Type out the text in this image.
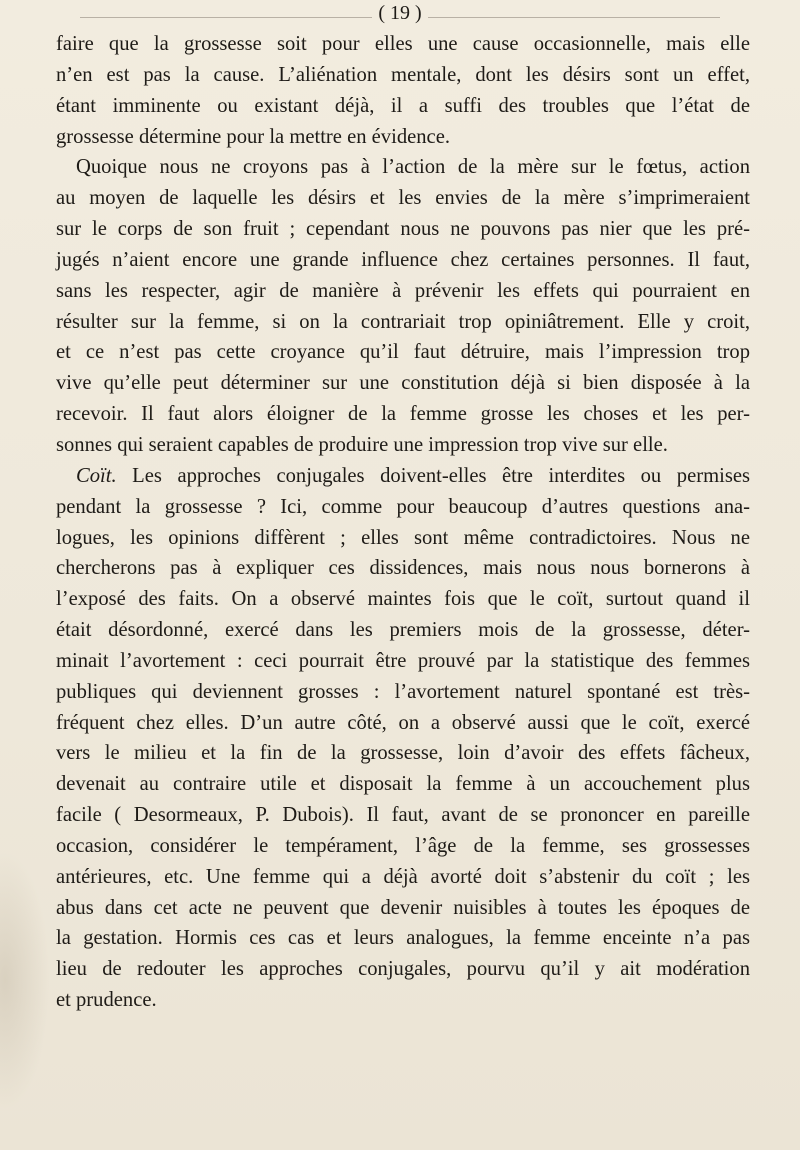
( 19 )
faire que la grossesse soit pour elles une cause occasionnelle, mais elle
n’en est pas la cause. L’aliénation mentale, dont les désirs sont un effet,
étant imminente ou existant déjà, il a suffi des troubles que l’état de
grossesse détermine pour la mettre en évidence.
Quoique nous ne croyons pas à l’action de la mère sur le fœtus, action
au moyen de laquelle les désirs et les envies de la mère s’imprimeraient
sur le corps de son fruit ; cependant nous ne pouvons pas nier que les pré-
jugés n’aient encore une grande influence chez certaines personnes. Il faut,
sans les respecter, agir de manière à prévenir les effets qui pourraient en
résulter sur la femme, si on la contrariait trop opiniâtrement. Elle y croit,
et ce n’est pas cette croyance qu’il faut détruire, mais l’impression trop
vive qu’elle peut déterminer sur une constitution déjà si bien disposée à la
recevoir. Il faut alors éloigner de la femme grosse les choses et les per-
sonnes qui seraient capables de produire une impression trop vive sur elle.
Coït. Les approches conjugales doivent-elles être interdites ou permises
pendant la grossesse ? Ici, comme pour beaucoup d’autres questions ana-
logues, les opinions diffèrent ; elles sont même contradictoires. Nous ne
chercherons pas à expliquer ces dissidences, mais nous nous bornerons à
l’exposé des faits. On a observé maintes fois que le coït, surtout quand il
était désordonné, exercé dans les premiers mois de la grossesse, déter-
minait l’avortement : ceci pourrait être prouvé par la statistique des femmes
publiques qui deviennent grosses : l’avortement naturel spontané est très-
fréquent chez elles. D’un autre côté, on a observé aussi que le coït, exercé
vers le milieu et la fin de la grossesse, loin d’avoir des effets fâcheux,
devenait au contraire utile et disposait la femme à un accouchement plus
facile ( Desormeaux, P. Dubois). Il faut, avant de se prononcer en pareille
occasion, considérer le tempérament, l’âge de la femme, ses grossesses
antérieures, etc. Une femme qui a déjà avorté doit s’abstenir du coït ; les
abus dans cet acte ne peuvent que devenir nuisibles à toutes les époques de
la gestation. Hormis ces cas et leurs analogues, la femme enceinte n’a pas
lieu de redouter les approches conjugales, pourvu qu’il y ait modération
et prudence.
